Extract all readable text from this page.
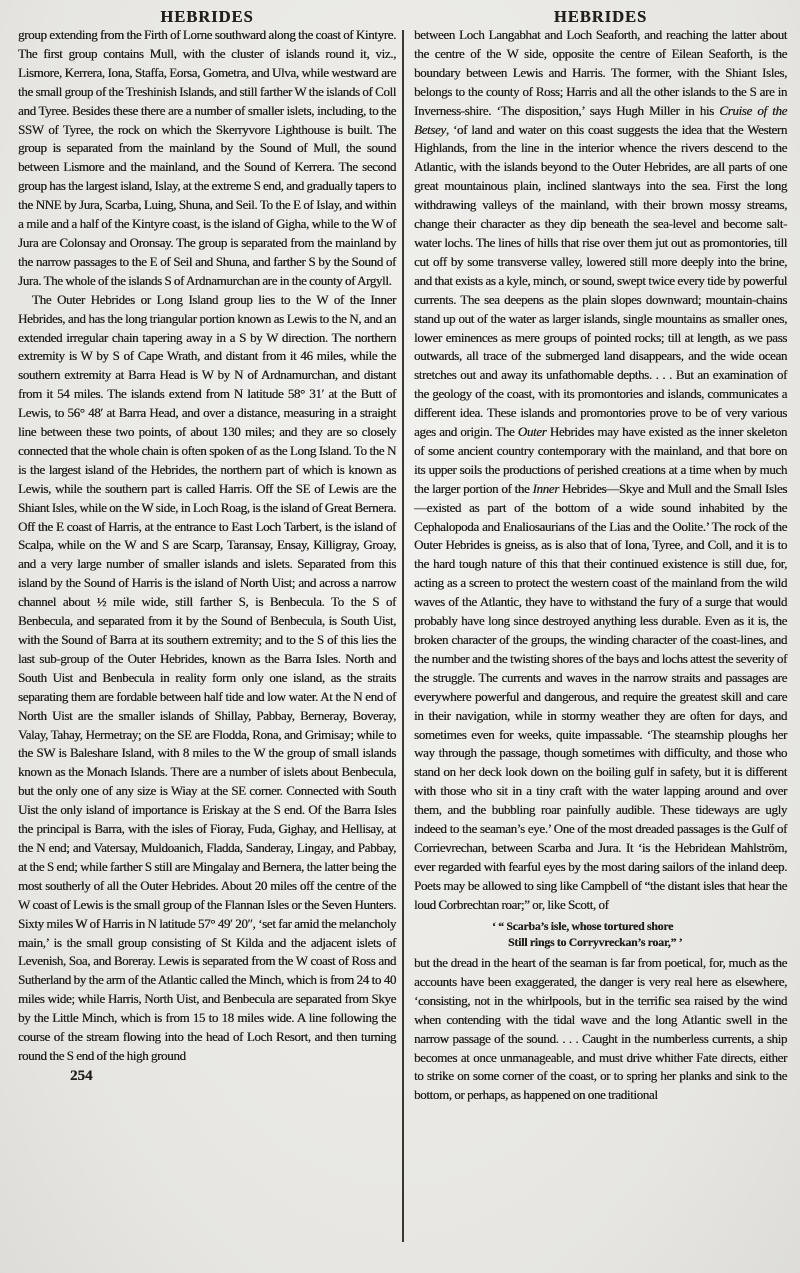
HEBRIDES

group extending from the Firth of Lorne southward along the coast of Kintyre. The first group contains Mull, with the cluster of islands round it, viz., Lismore, Kerrera, Iona, Staffa, Eorsa, Gometra, and Ulva, while westward are the small group of the Treshinish Islands, and still farther W the islands of Coll and Tyree. Besides these there are a number of smaller islets, including, to the SSW of Tyree, the rock on which the Skerryvore Lighthouse is built. The group is separated from the mainland by the Sound of Mull, the sound between Lismore and the mainland, and the Sound of Kerrera. The second group has the largest island, Islay, at the extreme S end, and gradually tapers to the NNE by Jura, Scarba, Luing, Shuna, and Seil. To the E of Islay, and within a mile and a half of the Kintyre coast, is the island of Gigha, while to the W of Jura are Colonsay and Oronsay. The group is separated from the mainland by the narrow passages to the E of Seil and Shuna, and farther S by the Sound of Jura. The whole of the islands S of Ardnamurchan are in the county of Argyll.

The Outer Hebrides or Long Island group lies to the W of the Inner Hebrides, and has the long triangular portion known as Lewis to the N, and an extended irregular chain tapering away in a S by W direction. The northern extremity is W by S of Cape Wrath, and distant from it 46 miles, while the southern extremity at Barra Head is W by N of Ardnamurchan, and distant from it 54 miles. The islands extend from N latitude 58° 31′ at the Butt of Lewis, to 56° 48′ at Barra Head, and over a distance, measuring in a straight line between these two points, of about 130 miles; and they are so closely connected that the whole chain is often spoken of as the Long Island. To the N is the largest island of the Hebrides, the northern part of which is known as Lewis, while the southern part is called Harris. Off the SE of Lewis are the Shiant Isles, while on the W side, in Loch Roag, is the island of Great Bernera. Off the E coast of Harris, at the entrance to East Loch Tarbert, is the island of Scalpa, while on the W and S are Scarp, Taransay, Ensay, Killigray, Groay, and a very large number of smaller islands and islets. Separated from this island by the Sound of Harris is the island of North Uist; and across a narrow channel about ½ mile wide, still farther S, is Benbecula. To the S of Benbecula, and separated from it by the Sound of Benbecula, is South Uist, with the Sound of Barra at its southern extremity; and to the S of this lies the last sub-group of the Outer Hebrides, known as the Barra Isles. North and South Uist and Benbecula in reality form only one island, as the straits separating them are fordable between half tide and low water. At the N end of North Uist are the smaller islands of Shillay, Pabbay, Berneray, Boveray, Valay, Tahay, Hermetray; on the SE are Flodda, Rona, and Grimisay; while to the SW is Baleshare Island, with 8 miles to the W the group of small islands known as the Monach Islands. There are a number of islets about Benbecula, but the only one of any size is Wiay at the SE corner. Connected with South Uist the only island of importance is Eriskay at the S end. Of the Barra Isles the principal is Barra, with the isles of Fioray, Fuda, Gighay, and Hellisay, at the N end; and Vatersay, Muldoanich, Fladda, Sanderay, Lingay, and Pabbay, at the S end; while farther S still are Mingalay and Bernera, the latter being the most southerly of all the Outer Hebrides. About 20 miles off the centre of the W coast of Lewis is the small group of the Flannan Isles or the Seven Hunters. Sixty miles W of Harris in N latitude 57° 49′ 20″, ‘set far amid the melancholy main,’ is the small group consisting of St Kilda and the adjacent islets of Levenish, Soa, and Boreray. Lewis is separated from the W coast of Ross and Sutherland by the arm of the Atlantic called the Minch, which is from 24 to 40 miles wide; while Harris, North Uist, and Benbecula are separated from Skye by the Little Minch, which is from 15 to 18 miles wide. A line following the course of the stream flowing into the head of Loch Resort, and then turning round the S end of the high ground

254
HEBRIDES

between Loch Langabhat and Loch Seaforth, and reaching the latter about the centre of the W side, opposite the centre of Eilean Seaforth, is the boundary between Lewis and Harris. The former, with the Shiant Isles, belongs to the county of Ross; Harris and all the other islands to the S are in Inverness-shire. ‘The disposition,’ says Hugh Miller in his Cruise of the Betsey, ‘of land and water on this coast suggests the idea that the Western Highlands, from the line in the interior whence the rivers descend to the Atlantic, with the islands beyond to the Outer Hebrides, are all parts of one great mountainous plain, inclined slantways into the sea. First the long withdrawing valleys of the mainland, with their brown mossy streams, change their character as they dip beneath the sea-level and become salt-water lochs. The lines of hills that rise over them jut out as promontories, till cut off by some transverse valley, lowered still more deeply into the brine, and that exists as a kyle, minch, or sound, swept twice every tide by powerful currents. The sea deepens as the plain slopes downward; mountain-chains stand up out of the water as larger islands, single mountains as smaller ones, lower eminences as mere groups of pointed rocks; till at length, as we pass outwards, all trace of the submerged land disappears, and the wide ocean stretches out and away its unfathomable depths. . . . But an examination of the geology of the coast, with its promontories and islands, communicates a different idea. These islands and promontories prove to be of very various ages and origin. The Outer Hebrides may have existed as the inner skeleton of some ancient country contemporary with the mainland, and that bore on its upper soils the productions of perished creations at a time when by much the larger portion of the Inner Hebrides—Skye and Mull and the Small Isles—existed as part of the bottom of a wide sound inhabited by the Cephalopoda and Enaliosaurians of the Lias and the Oolite.’ The rock of the Outer Hebrides is gneiss, as is also that of Iona, Tyree, and Coll, and it is to the hard tough nature of this that their continued existence is still due, for, acting as a screen to protect the western coast of the mainland from the wild waves of the Atlantic, they have to withstand the fury of a surge that would probably have long since destroyed anything less durable. Even as it is, the broken character of the groups, the winding character of the coast-lines, and the number and the twisting shores of the bays and lochs attest the severity of the struggle. The currents and waves in the narrow straits and passages are everywhere powerful and dangerous, and require the greatest skill and care in their navigation, while in stormy weather they are often for days, and sometimes even for weeks, quite impassable. ‘The steamship ploughs her way through the passage, though sometimes with difficulty, and those who stand on her deck look down on the boiling gulf in safety, but it is different with those who sit in a tiny craft with the water lapping around and over them, and the bubbling roar painfully audible. These tideways are ugly indeed to the seaman’s eye.’ One of the most dreaded passages is the Gulf of Corrievrechan, between Scarba and Jura. It ‘is the Hebridean Mahlström, ever regarded with fearful eyes by the most daring sailors of the inland deep. Poets may be allowed to sing like Campbell of “the distant isles that hear the loud Corbrechtan roar;” or, like Scott, of

‘ “ Scarba’s isle, whose tortured shore
Still rings to Corryvreckan’s roar,” ’

but the dread in the heart of the seaman is far from poetical, for, much as the accounts have been exaggerated, the danger is very real here as elsewhere, ‘consisting, not in the whirlpools, but in the terrific sea raised by the wind when contending with the tidal wave and the long Atlantic swell in the narrow passage of the sound. . . . Caught in the numberless currents, a ship becomes at once unmanageable, and must drive whither Fate directs, either to strike on some corner of the coast, or to spring her planks and sink to the bottom, or perhaps, as happened on one traditional
